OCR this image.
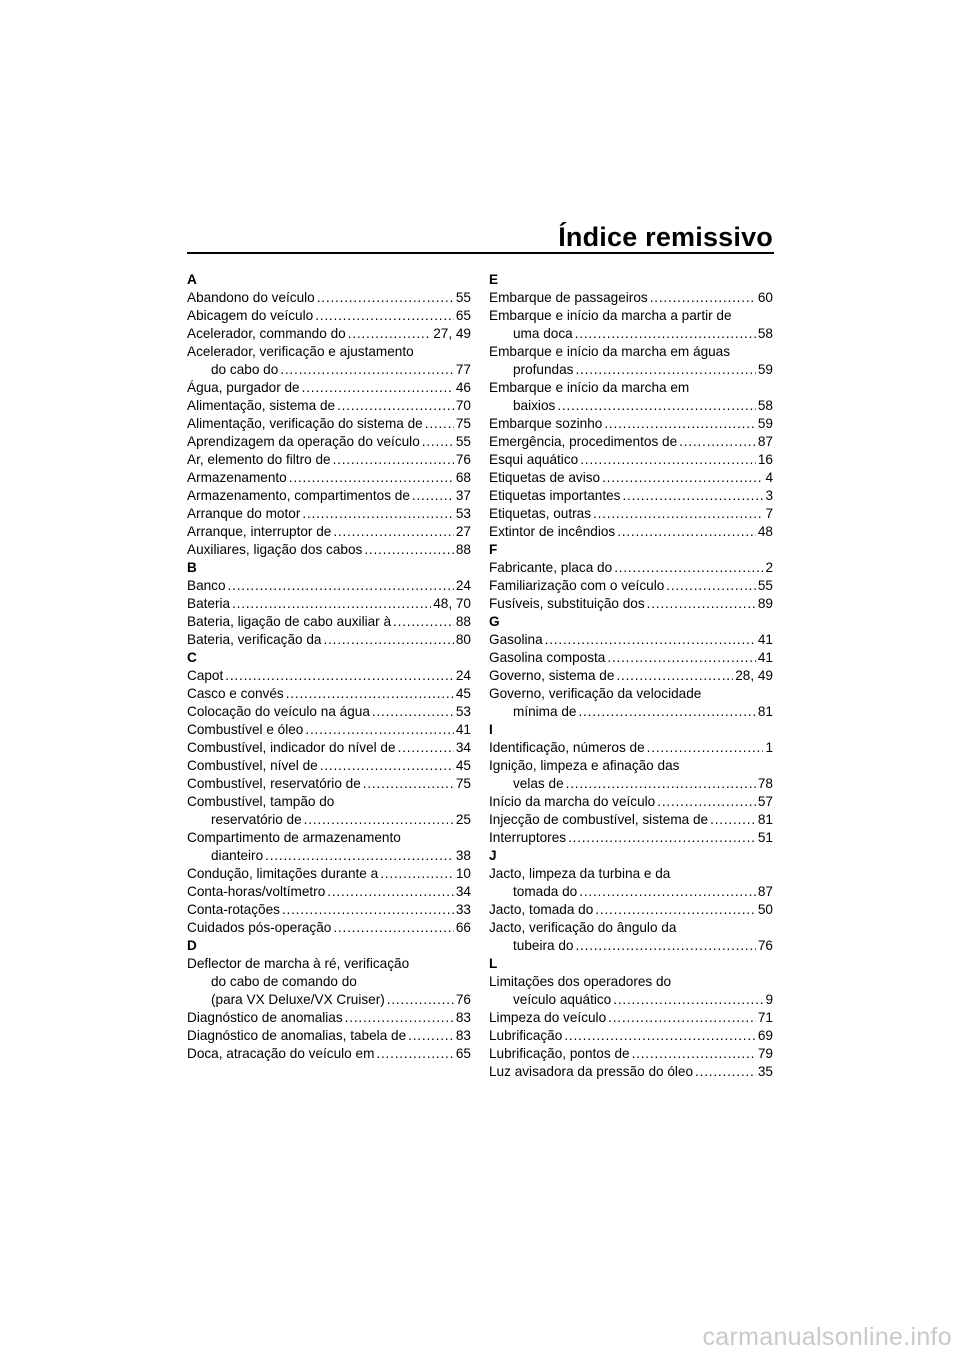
Índice remissivo
A
Abandono do veículo .....	55
Abicagem do veículo .....	65
Acelerador, commando do .....	27, 49
Acelerador, verificação e ajustamento
do cabo do .....	77
Água, purgador de .....	46
Alimentação, sistema de .....	70
Alimentação, verificação do sistema de ..... 75
Aprendizagem da operação do veículo .....	55
Ar, elemento do filtro de .....	76
Armazenamento .....	68
Armazenamento, compartimentos de .....	37
Arranque do motor .....	53
Arranque, interruptor de .....	27
Auxiliares, ligação dos cabos .....	88
B
Banco .....	24
Bateria .....	48, 70
Bateria, ligação de cabo auxiliar à .....	88
Bateria, verificação da .....	80
C
Capot .....	24
Casco e convés .....	45
Colocação do veículo na água .....	53
Combustível e óleo .....	41
Combustível, indicador do nível de .....	34
Combustível, nível de .....	45
Combustível, reservatório de .....	75
Combustível, tampão do
reservatório de .....	25
Compartimento de armazenamento
dianteiro .....	38
Condução, limitações durante a .....	10
Conta-horas/voltímetro .....	34
Conta-rotações .....	33
Cuidados pós-operação .....	66
D
Deflector de marcha à ré, verificação
do cabo de comando do
(para VX Deluxe/VX Cruiser) .....	76
Diagnóstico de anomalias .....	83
Diagnóstico de anomalias, tabela de .....	83
Doca, atracação do veículo em .....	65
E
Embarque de passageiros .....	60
Embarque e início da marcha a partir de
uma doca .....	58
Embarque e início da marcha em águas
profundas .....	59
Embarque e início da marcha em
baixios .....	58
Embarque sozinho .....	59
Emergência, procedimentos de .....	87
Esqui aquático .....	16
Etiquetas de aviso .....	4
Etiquetas importantes .....	3
Etiquetas, outras .....	7
Extintor de incêndios .....	48
F
Fabricante, placa do .....	2
Familiarização com o veículo .....	55
Fusíveis, substituição dos .....	89
G
Gasolina .....	41
Gasolina composta .....	41
Governo, sistema de .....	28, 49
Governo, verificação da velocidade
mínima de .....	81
I
Identificação, números de .....	1
Ignição, limpeza e afinação das
velas de .....	78
Início da marcha do veículo .....	57
Injecção de combustível, sistema de .....	81
Interruptores .....	51
J
Jacto, limpeza da turbina e da
tomada do .....	87
Jacto, tomada do .....	50
Jacto, verificação do ângulo da
tubeira do .....	76
L
Limitações dos operadores do
veículo aquático .....	9
Limpeza do veículo .....	71
Lubrificação .....	69
Lubrificação, pontos de .....	79
Luz avisadora da pressão do óleo .....	35
carmanualsonline.info
